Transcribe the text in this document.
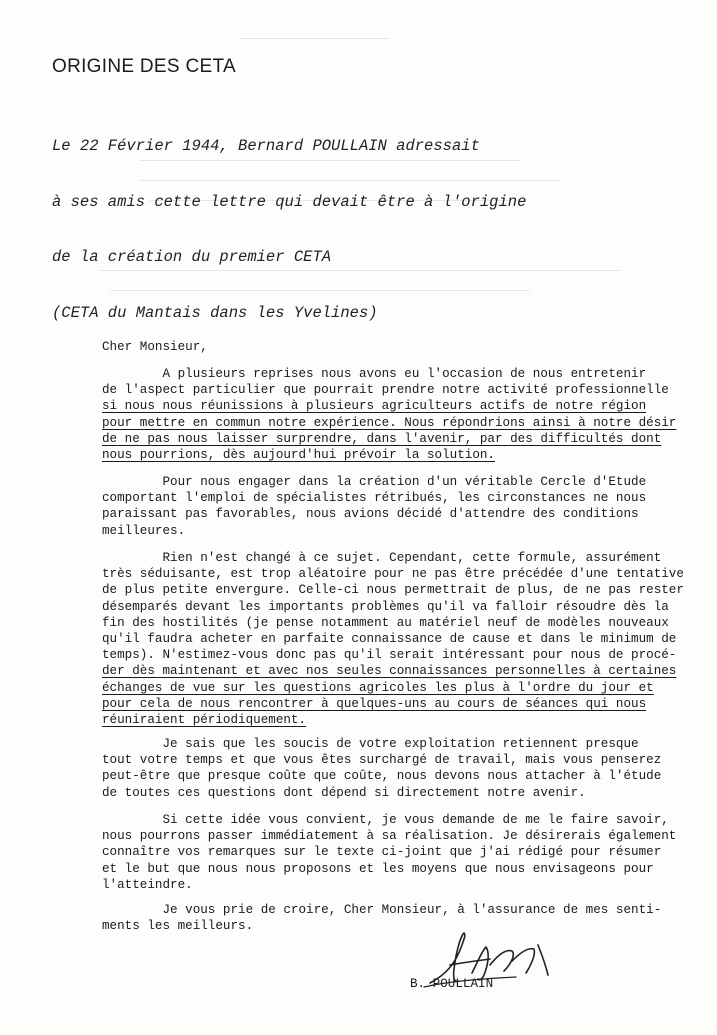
ORIGINE DES CETA

Le 22 Février 1944, Bernard POULLAIN adressait

à ses amis cette lettre qui devait être à l'origine

de la création du premier CETA

(CETA du Mantais dans les Yvelines)

Cher Monsieur,
A plusieurs reprises nous avons eu l'occasion de nous entretenir
de l'aspect particulier que pourrait prendre notre activité professionnelle
si nous nous réunissions à plusieurs agriculteurs actifs de notre région
pour mettre en commun notre expérience. Nous répondrions ainsi à notre désir
de ne pas nous laisser surprendre, dans l'avenir, par des difficultés dont
nous pourrions, dès aujourd'hui prévoir la solution.
Pour nous engager dans la création d'un véritable Cercle d'Etude
comportant l'emploi de spécialistes rétribués, les circonstances ne nous
paraissant pas favorables, nous avions décidé d'attendre des conditions
meilleures.
Rien n'est changé à ce sujet. Cependant, cette formule, assurément
très séduisante, est trop aléatoire pour ne pas être précédée d'une tentative
de plus petite envergure. Celle-ci nous permettrait de plus, de ne pas rester
désemparés devant les importants problèmes qu'il va falloir résoudre dès la
fin des hostilités (je pense notamment au matériel neuf de modèles nouveaux
qu'il faudra acheter en parfaite connaissance de cause et dans le minimum de
temps). N'estimez-vous donc pas qu'il serait intéressant pour nous de procé-
der dès maintenant et avec nos seules connaissances personnelles à certaines
échanges de vue sur les questions agricoles les plus à l'ordre du jour et
pour cela de nous rencontrer à quelques-uns au cours de séances qui nous
réuniraient périodiquement.
Je sais que les soucis de votre exploitation retiennent presque
tout votre temps et que vous êtes surchargé de travail, mais vous penserez
peut-être que presque coûte que coûte, nous devons nous attacher à l'étude
de toutes ces questions dont dépend si directement notre avenir.
Si cette idée vous convient, je vous demande de me le faire savoir,
nous pourrons passer immédiatement à sa réalisation. Je désirerais également
connaître vos remarques sur le texte ci-joint que j'ai rédigé pour résumer
et le but que nous nous proposons et les moyens que nous envisageons pour
l'atteindre.
Je vous prie de croire, Cher Monsieur, à l'assurance de mes senti-
ments les meilleurs.
B. POULLAIN
